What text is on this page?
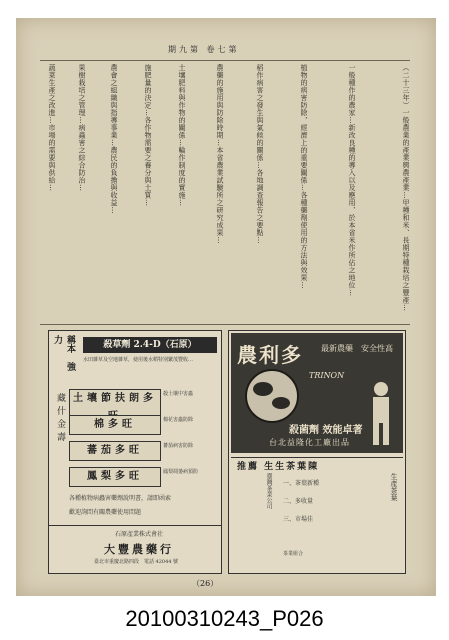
期九第 卷七第
（二十三年）一般農業的產業興農產業…甲種和米、長期特種栽培之豐產…
一般種作的農家…新改良種的導入以及應用，於本省米作所佔之地位…
植物的病害防除，經濟上的重要關係…各種藥劑使用的方法與效果…
稻作病害之發生與氣候的關係…各地調查報告之要點…
農藥的施用與防除時期…本省農業試驗所之研究成果…
土壤肥料與作物的關係…輪作制度的實施…
施肥量的決定…各作物需要之養分與土質…
農會之組織與指導事業…農民的負擔與收益…
果樹栽培之管理…病蟲害之綜合防治…
蔬菜生產之改進…市場的需要與供給…
稱本　強力
殺草劑 2.4-D（石原）
水田雜草及空地雜草，使用後水稻特別繁茂豐收…
藏什金壽 土壤節扶朗多	殺土壤中害蟲
棉多旺	棉花害蟲防除
蕃茄多旺	蕃茄病害防除
鳳梨多旺	鳳梨凋萎病預防
各種植物病蟲害藥劑說明書，請即函索
歡迎詢問有關農藥使用問題
石原產業株式會社
大豐農藥行
臺北市重慶北路四段　電話 42044 號
農利多 最新農藥　安全性高
TRINON
殺菌劑 效能卓著
台北益隆化工廠出品
推薦 生生茶葉陳
臺灣茶業公司 一、茶葉新種
二、多收量
三、市場佳
生產茶葉
茶業組合
（26）
20100310243_P026
